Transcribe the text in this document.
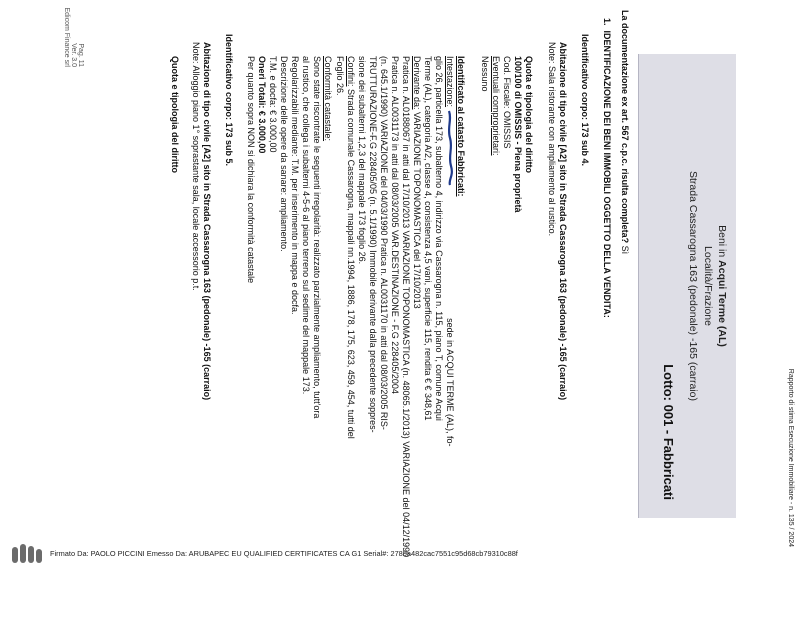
Rapporto di stima Esecuzione Immobiliare - n. 135 / 2024
Beni in Acqui Terme (AL)
Località/Frazione
Strada Cassarogna 163 (pedonale) -165 (carraio)
Lotto: 001 - Fabbricati
La documentazione ex art. 567 c.p.c. risulta completa? Sì
1.  IDENTIFICAZIONE DEI BENI IMMOBILI OGGETTO DELLA VENDITA:
Identificativo corpo: 173 sub 4.
Abitazione di tipo civile [A2] sito in Strada Cassarogna 163 (pedonale) -165 (carraio)
Note: Sala ristorante con ampliamento al rustico.
Quota e tipologia del diritto
100/100 di OMISSIS - Piena proprietà
Cod. Fiscale: OMISSIS
Eventuali comproprietari:
Nessuno
Identificato al catasto Fabbricati:
Intestazione:  sede in ACQUI TERME (AL), fo-
glio 26, particella 173, subalterno 4, indirizzo via Cassarogna n. 115, piano T, comune Acqui
Terme (AL), categoria A/2, classe 4, consistenza 4,5 vani, superficie 115, rendita € € 348,61
Derivante da: VARIAZIONE TOPONOMASTICA del 17/10/2013
Pratica n. AL0188067 in atti dal 17/10/2013 VARIAZIONE TOPONOMASTICA (n. 48065.1/2013) VARIAZIONE del 04/12/1990
Pratica n. AL0031173 in atti dal 08/03/2005 VAR.DESTINAZIONE - F.G 228405/2004
(n. 645.1/1990) VARIAZIONE del 04/03/1990 Pratica n. AL0031170 in atti dal 08/03/2005 RIS-
TRUTTURAZIONE-F.G 228405/05 (n. 5.1/1990) Immobile derivante dalla precedente soppres-
sione dei subalterni 1,2,3 del mappale 173 foglio 26.
Confini: Strada comunale Cassarogna, mappali nn.1994, 1886, 178, 175, 623, 459, 454, tutti del
Foglio 26.
Conformità catastale:
Sono state riscontrate le seguenti irregolarità: realizzato parzialmente ampliamento, tutt'ora
al rustico, che collega i subalterni 4-5-6 al piano terreno sul sedime del mappale 173.
Regolarizzabili mediante: T.M. per inserimento in mappa e docfa.
Descrizione delle opere da sanare: ampliamento.
T.M. e docfa: € 3.000,00
Oneri Totali: € 3.000,00
Per quanto sopra NON si dichiara la conformità catastale
Identificativo corpo: 173 sub 5.
Abitazione di tipo civile [A2] sito in Strada Cassarogna 163 (pedonale) -165 (carraio)
Note: Alloggio piano 1° soprastante sala, locale accessorio p.t.
Quota e tipologia del diritto
Pag. 11
Ver. 3.0
Edicom Finance srl
Firmato Da: PAOLO PICCINI Emesso Da: ARUBAPEC EU QUALIFIED CERTIFICATES CA G1 Serial#: 2785a482cac7551c95d68cb79310c88f
